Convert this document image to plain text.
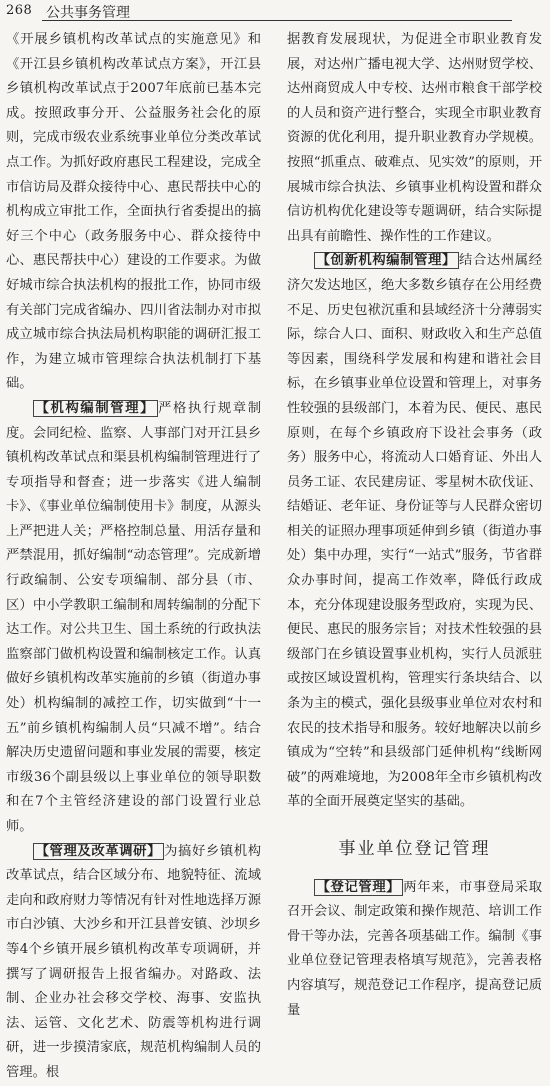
268 公共事务管理

《开展乡镇机构改革试点的实施意见》和《开江县乡镇机构改革试点方案》，开江县乡镇机构改革试点于2007年底前已基本完成。按照政事分开、公益服务社会化的原则，完成市级农业系统事业单位分类改革试点工作。为抓好政府惠民工程建设，完成全市信访局及群众接待中心、惠民帮扶中心的机构成立审批工作，全面执行省委提出的搞好三个中心（政务服务中心、群众接待中心、惠民帮扶中心）建设的工作要求。为做好城市综合执法机构的报批工作，协同市级有关部门完成省编办、四川省法制办对市拟成立城市综合执法局机构职能的调研汇报工作，为建立城市管理综合执法机制打下基础。

【机构编制管理】 严格执行规章制度。会同纪检、监察、人事部门对开江县乡镇机构改革试点和渠县机构编制管理进行了专项指导和督查；进一步落实《进人编制卡》、《事业单位编制使用卡》制度，从源头上严把进人关；严格控制总量、用活存量和严禁混用，抓好编制“动态管理”。完成新增行政编制、公安专项编制、部分县（市、区）中小学教职工编制和周转编制的分配下达工作。对公共卫生、国土系统的行政执法监察部门做机构设置和编制核定工作。认真做好乡镇机构改革实施前的乡镇（街道办事处）机构编制的减控工作，切实做到“十一五”前乡镇机构编制人员“只减不增”。结合解决历史遗留问题和事业发展的需要，核定市级36个副县级以上事业单位的领导职数和在7个主管经济建设的部门设置行业总师。

【管理及改革调研】 为搞好乡镇机构改革试点，结合区域分布、地貌特征、流域走向和政府财力等情况有针对性地选择万源市白沙镇、大沙乡和开江县普安镇、沙坝乡等4个乡镇开展乡镇机构改革专项调研，并撰写了调研报告上报省编办。对路政、法制、企业办社会移交学校、海事、安监执法、运管、文化艺术、防震等机构进行调研，进一步摸清家底，规范机构编制人员的管理。根

据教育发展现状，为促进全市职业教育发展，对达州广播电视大学、达州财贸学校、达州商贸成人中专校、达州市粮食干部学校的人员和资产进行整合，实现全市职业教育资源的优化利用，提升职业教育办学规模。按照“抓重点、破难点、见实效”的原则，开展城市综合执法、乡镇事业机构设置和群众信访机构优化建设等专题调研，结合实际提出具有前瞻性、操作性的工作建议。

【创新机构编制管理】 结合达州属经济欠发达地区，绝大多数乡镇存在公用经费不足、历史包袱沉重和县域经济十分薄弱实际，综合人口、面积、财政收入和生产总值等因素，围绕科学发展和构建和谐社会目标，在乡镇事业单位设置和管理上，对事务性较强的县级部门，本着为民、便民、惠民原则，在每个乡镇政府下设社会事务（政务）服务中心，将流动人口婚育证、外出人员务工证、农民建房证、零星树木砍伐证、结婚证、老年证、身份证等与人民群众密切相关的证照办理事项延伸到乡镇（街道办事处）集中办理，实行“一站式”服务，节省群众办事时间，提高工作效率，降低行政成本，充分体现建设服务型政府，实现为民、便民、惠民的服务宗旨；对技术性较强的县级部门在乡镇设置事业机构，实行人员派驻或按区域设置机构，管理实行条块结合、以条为主的模式，强化县级事业单位对农村和农民的技术指导和服务。较好地解决以前乡镇成为“空转”和县级部门延伸机构“线断网破”的两难境地，为2008年全市乡镇机构改革的全面开展奠定坚实的基础。

事业单位登记管理

【登记管理】 两年来，市事登局采取召开会议、制定政策和操作规范、培训工作骨干等办法，完善各项基础工作。编制《事业单位登记管理表格填写规范》，完善表格内容填写，规范登记工作程序，提高登记质量
